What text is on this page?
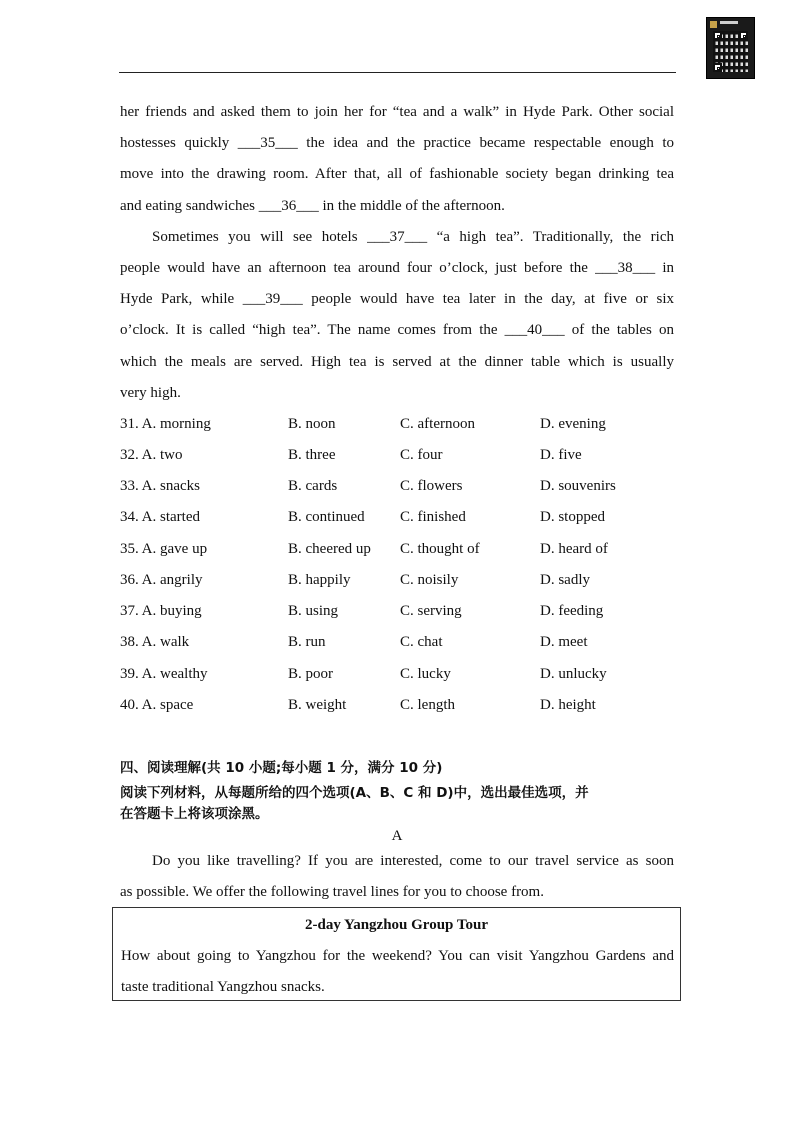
her friends and asked them to join her for “tea and a walk” in Hyde Park. Other social
hostesses quickly ___35___ the idea and the practice became respectable enough to
move into the drawing room. After that, all of fashionable society began drinking tea
and eating sandwiches ___36___ in the middle of the afternoon.
Sometimes you will see hotels ___37___ “a high tea”. Traditionally, the rich
people would have an afternoon tea around four o’clock, just before the ___38___ in
Hyde Park, while ___39___ people would have tea later in the day, at five or six
o’clock. It is called “high tea”. The name comes from the ___40___ of the tables on
which the meals are served. High tea is served at the dinner table which is usually
very high.
31. A. morning	B. noon	C. afternoon	D. evening
32. A. two	B. three	C. four	D. five
33. A. snacks	B. cards	C. flowers	D. souvenirs
34. A. started	B. continued C. finished	D. stopped
35. A. gave up	B. cheered up C. thought of	D. heard of
36. A. angrily	B. happily	C. noisily	D. sadly
37. A. buying	B. using	C. serving	D. feeding
38. A. walk	B. run	C. chat	D. meet
39. A. wealthy	B. poor	C. lucky	D. unlucky
40. A. space	B. weight	C. length	D. height
四、阅读理解(共 10 小题;每小题 1 分，满分 10 分)
阅读下列材料，从每题所给的四个选项(A、B、C 和 D)中，选出最佳选项，并
在答题卡上将该项涂黑。
A
Do you like travelling? If you are interested, come to our travel service as soon
as possible. We offer the following travel lines for you to choose from.
2-day Yangzhou Group Tour
How about going to Yangzhou for the weekend? You can visit Yangzhou Gardens and
taste traditional Yangzhou snacks.
